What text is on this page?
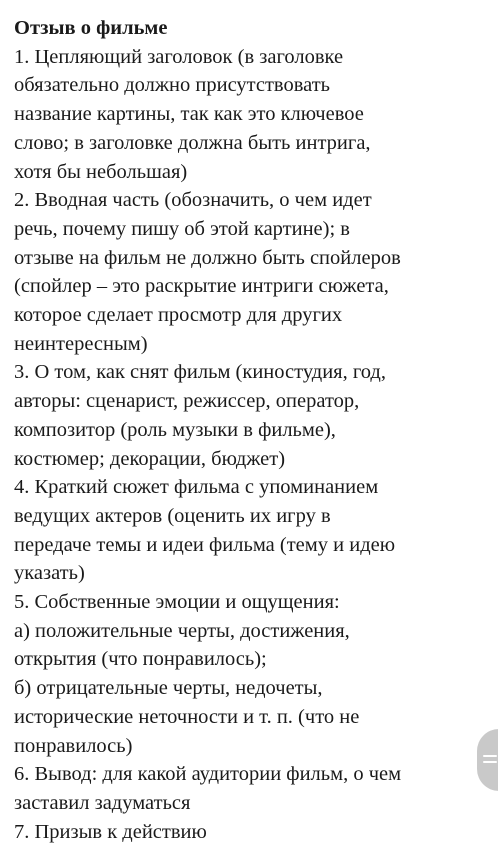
Отзыв о фильме

1. Цепляющий заголовок (в заголовке

обязательно должно присутствовать

название картины, так как это ключевое

слово; в заголовке должна быть интрига,

хотя бы небольшая)

2. Вводная часть (обозначить, о чем идет

речь, почему пишу об этой картине); в

отзыве на фильм не должно быть спойлеров

(спойлер – это раскрытие интриги сюжета,

которое сделает просмотр для других

неинтересным)

3. О том, как снят фильм (киностудия, год,

авторы: сценарист, режиссер, оператор,

композитор (роль музыки в фильме),

костюмер; декорации, бюджет)

4. Краткий сюжет фильма с упоминанием

ведущих актеров (оценить их игру в

передаче темы и идеи фильма (тему и идею

указать)

5. Собственные эмоции и ощущения:

а) положительные черты, достижения,

открытия (что понравилось);

б) отрицательные черты, недочеты,

исторические неточности и т. п. (что не

понравилось)

6. Вывод: для какой аудитории фильм, о чем

заставил задуматься

7. Призыв к действию
